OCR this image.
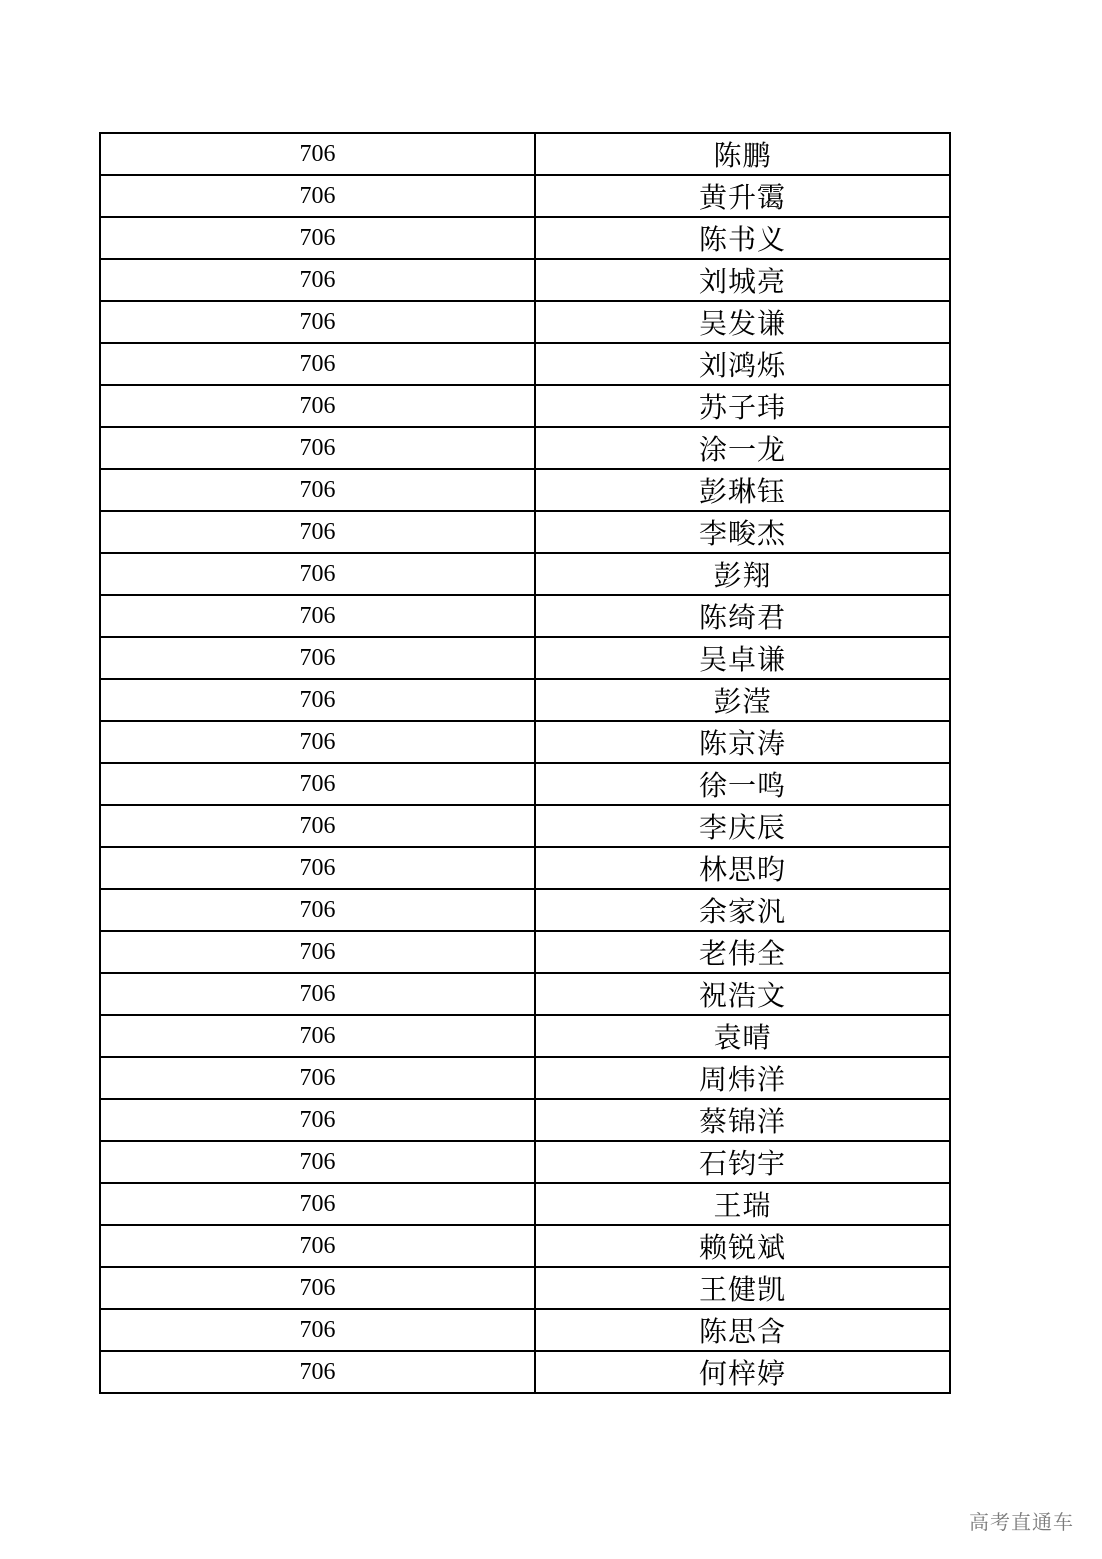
706	陈鹏
706	黄升霭
706	陈书义
706	刘城亮
706	吴发谦
706	刘鸿烁
706	苏子玮
706	涂一龙
706	彭琳钰
706	李畯杰
706	彭翔
706	陈绮君
706	吴卓谦
706	彭滢
706	陈京涛
706	徐一鸣
706	李庆辰
706	林思昀
706	余家汎
706	老伟全
706	祝浩文
706	袁晴
706	周炜洋
706	蔡锦洋
706	石钧宇
706	王瑞
706	赖锐斌
706	王健凯
706	陈思含
706	何梓婷
高考直通车
